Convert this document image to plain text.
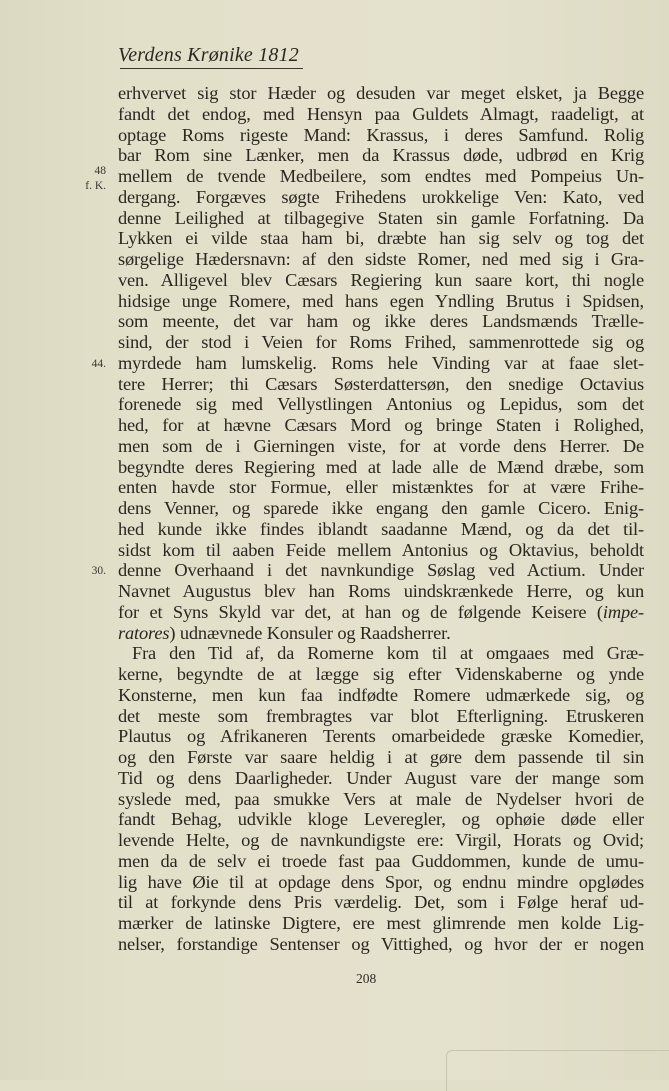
Verdens Krønike 1812
48
f. K.
44.
30.
erhvervet sig stor Hæder og desuden var meget elsket, ja Begge
fandt det endog, med Hensyn paa Guldets Almagt, raadeligt, at
optage Roms rigeste Mand: Krassus, i deres Samfund. Rolig
bar Rom sine Lænker, men da Krassus døde, udbrød en Krig
mellem de tvende Medbeilere, som endtes med Pompeius Un-
dergang. Forgæves søgte Frihedens urokkelige Ven: Kato, ved
denne Leilighed at tilbagegive Staten sin gamle Forfatning. Da
Lykken ei vilde staa ham bi, dræbte han sig selv og tog det
sørgelige Hædersnavn: af den sidste Romer, ned med sig i Gra-
ven. Alligevel blev Cæsars Regiering kun saare kort, thi nogle
hidsige unge Romere, med hans egen Yndling Brutus i Spidsen,
som meente, det var ham og ikke deres Landsmænds Trælle-
sind, der stod i Veien for Roms Frihed, sammenrottede sig og
myrdede ham lumskelig. Roms hele Vinding var at faae slet-
tere Herrer; thi Cæsars Søsterdattersøn, den snedige Octavius
forenede sig med Vellystlingen Antonius og Lepidus, som det
hed, for at hævne Cæsars Mord og bringe Staten i Rolighed,
men som de i Gierningen viste, for at vorde dens Herrer. De
begyndte deres Regiering med at lade alle de Mænd dræbe, som
enten havde stor Formue, eller mistænktes for at være Frihe-
dens Venner, og sparede ikke engang den gamle Cicero. Enig-
hed kunde ikke findes iblandt saadanne Mænd, og da det til-
sidst kom til aaben Feide mellem Antonius og Oktavius, beholdt
denne Overhaand i det navnkundige Søslag ved Actium. Under
Navnet Augustus blev han Roms uindskrænkede Herre, og kun
for et Syns Skyld var det, at han og de følgende Keisere (impe-
ratores) udnævnede Konsuler og Raadsherrer.
Fra den Tid af, da Romerne kom til at omgaaes med Græ-
kerne, begyndte de at lægge sig efter Videnskaberne og ynde
Konsterne, men kun faa indfødte Romere udmærkede sig, og
det meste som frembragtes var blot Efterligning. Etruskeren
Plautus og Afrikaneren Terents omarbeidede græske Komedier,
og den Første var saare heldig i at gøre dem passende til sin
Tid og dens Daarligheder. Under August vare der mange som
syslede med, paa smukke Vers at male de Nydelser hvori de
fandt Behag, udvikle kloge Leveregler, og ophøie døde eller
levende Helte, og de navnkundigste ere: Virgil, Horats og Ovid;
men da de selv ei troede fast paa Guddommen, kunde de umu-
lig have Øie til at opdage dens Spor, og endnu mindre opglødes
til at forkynde dens Pris værdelig. Det, som i Følge heraf ud-
mærker de latinske Digtere, ere mest glimrende men kolde Lig-
nelser, forstandige Sentenser og Vittighed, og hvor der er nogen
208
